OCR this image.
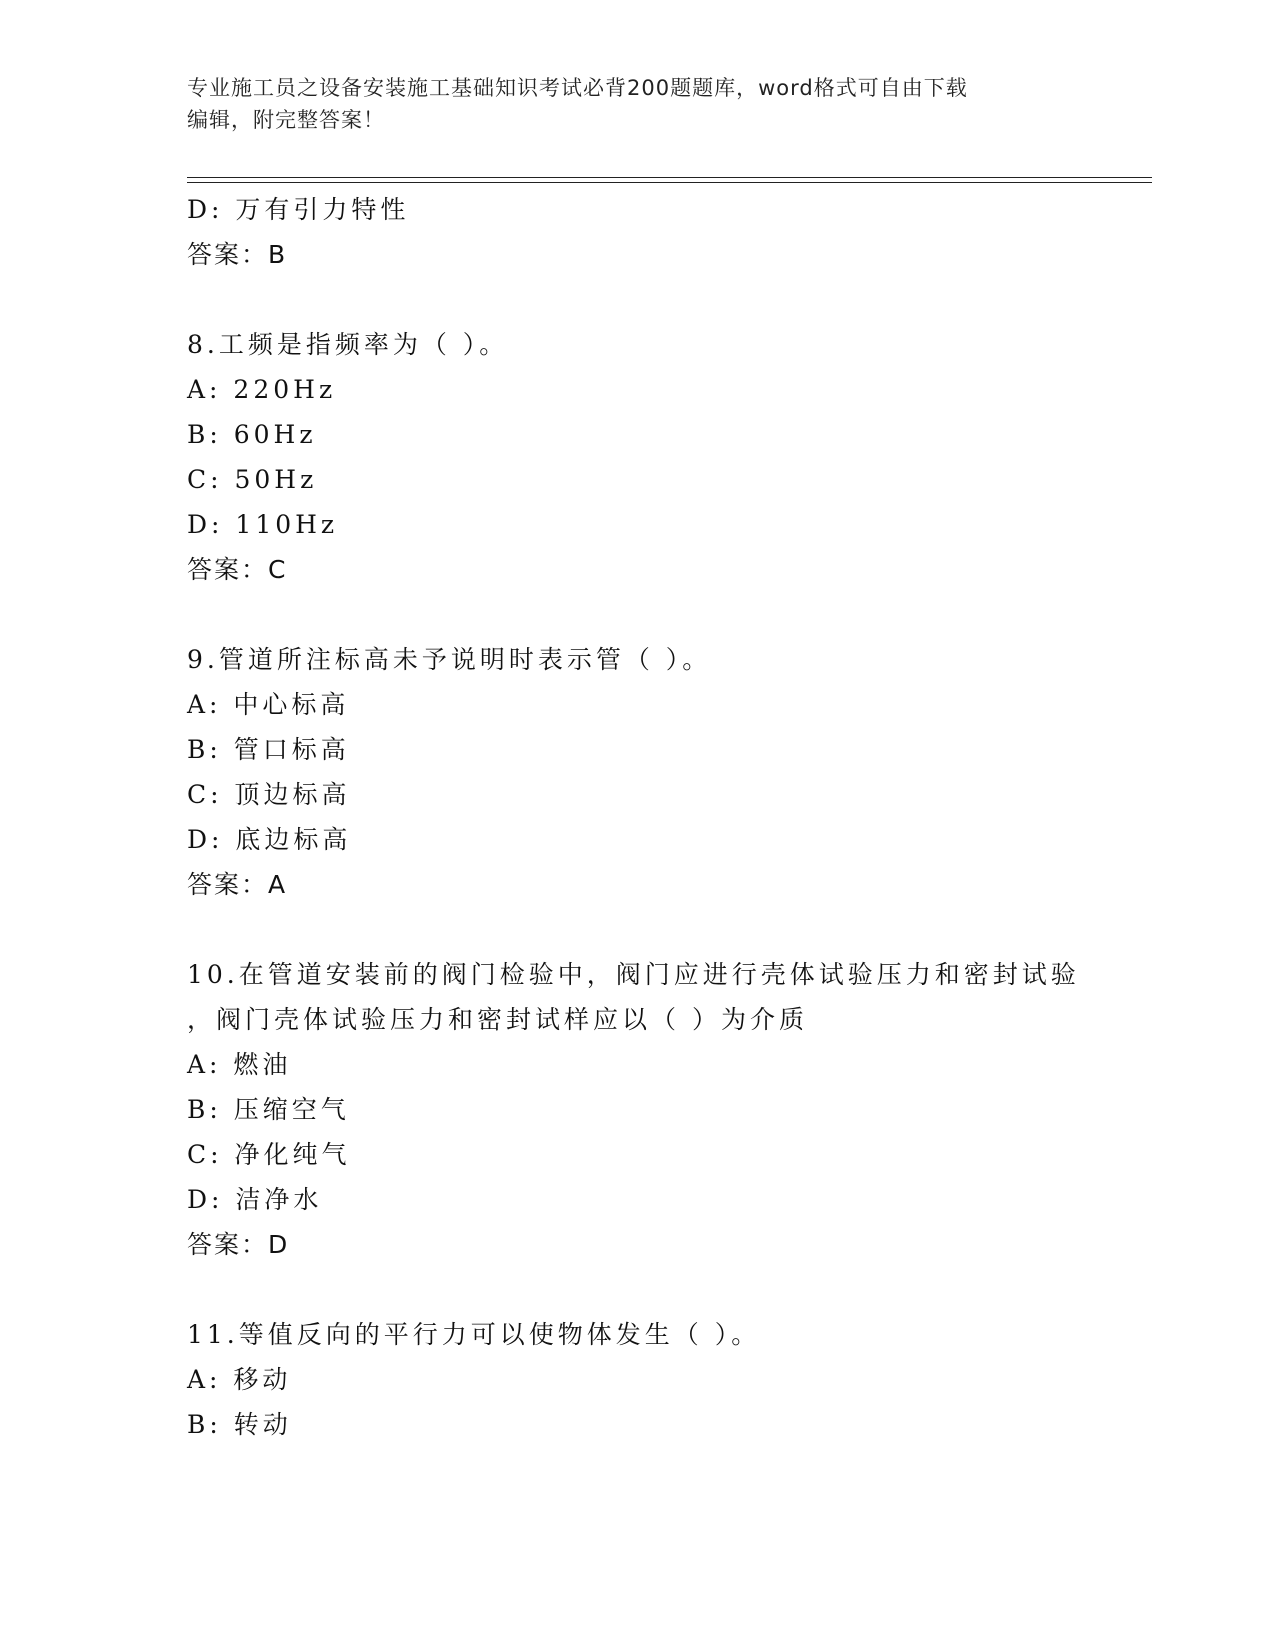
专业施工员之设备安装施工基础知识考试必背200题题库，word格式可自由下载
编辑，附完整答案！
D: 万有引力特性
答案：B
8.工频是指频率为（ ）。
A: 220Hz
B: 60Hz
C: 50Hz
D: 110Hz
答案：C
9.管道所注标高未予说明时表示管（ ）。
A: 中心标高
B: 管口标高
C: 顶边标高
D: 底边标高
答案：A
10.在管道安装前的阀门检验中，阀门应进行壳体试验压力和密封试验
，阀门壳体试验压力和密封试样应以（ ）为介质
A: 燃油
B: 压缩空气
C: 净化纯气
D: 洁净水
答案：D
11.等值反向的平行力可以使物体发生（ ）。
A: 移动
B: 转动
